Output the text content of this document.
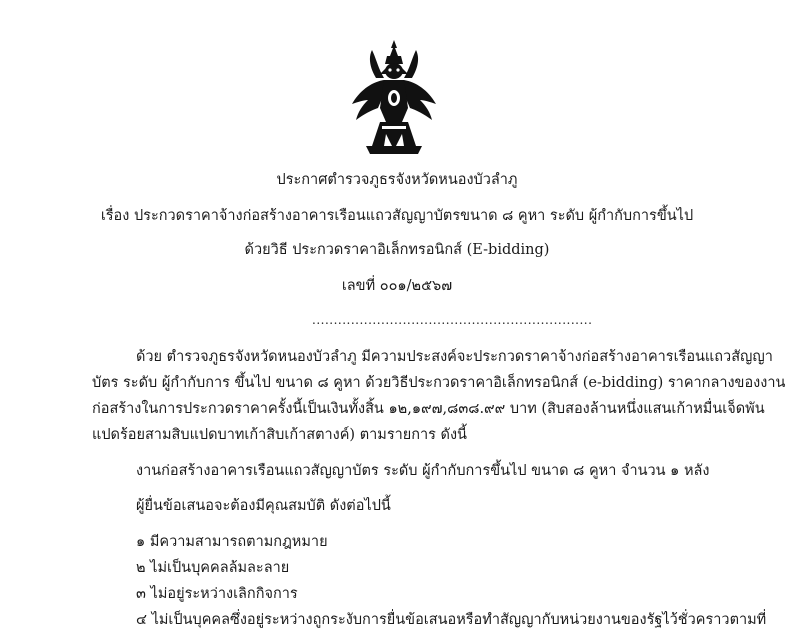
ประกาศตำรวจภูธรจังหวัดหนองบัวลำภู
เรื่อง ประกวดราคาจ้างก่อสร้างอาคารเรือนแถวสัญญาบัตรขนาด ๘ คูหา ระดับ ผู้กำกับการขึ้นไป
ด้วยวิธี ประกวดราคาอิเล็กทรอนิกส์ (E-bidding)
เลขที่ ๐๐๑/๒๕๖๗
.................................................................
ด้วย ตำรวจภูธรจังหวัดหนองบัวลำภู มีความประสงค์จะประกวดราคาจ้างก่อสร้างอาคารเรือนแถวสัญญา
บัตร ระดับ ผู้กำกับการ ขึ้นไป ขนาด ๘ คูหา ด้วยวิธีประกวดราคาอิเล็กทรอนิกส์ (e-bidding) ราคากลางของงาน
ก่อสร้างในการประกวดราคาครั้งนี้เป็นเงินทั้งสิ้น ๑๒,๑๙๗,๘๓๘.๙๙ บาท (สิบสองล้านหนึ่งแสนเก้าหมื่นเจ็ดพัน
แปดร้อยสามสิบแปดบาทเก้าสิบเก้าสตางค์) ตามรายการ ดังนี้
งานก่อสร้างอาคารเรือนแถวสัญญาบัตร ระดับ ผู้กำกับการขึ้นไป ขนาด ๘ คูหา จำนวน ๑ หลัง
ผู้ยื่นข้อเสนอจะต้องมีคุณสมบัติ ดังต่อไปนี้
๑ มีความสามารถตามกฎหมาย
๒ ไม่เป็นบุคคลล้มละลาย
๓ ไม่อยู่ระหว่างเลิกกิจการ
๔ ไม่เป็นบุคคลซึ่งอยู่ระหว่างถูกระงับการยื่นข้อเสนอหรือทำสัญญากับหน่วยงานของรัฐไว้ชั่วคราวตามที่
